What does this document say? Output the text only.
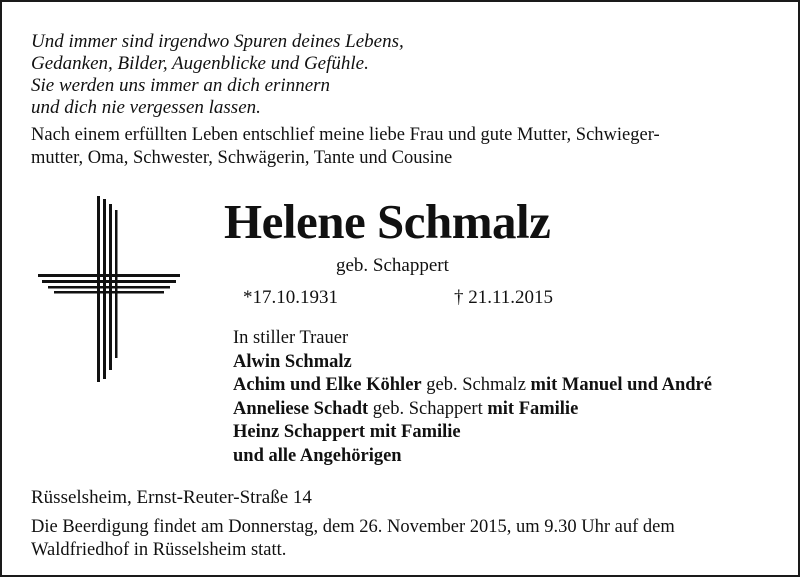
Und immer sind irgendwo Spuren deines Lebens,
Gedanken, Bilder, Augenblicke und Gefühle.
Sie werden uns immer an dich erinnern
und dich nie vergessen lassen.
Nach einem erfüllten Leben entschlief meine liebe Frau und gute Mutter, Schwieger-
mutter, Oma, Schwester, Schwägerin, Tante und Cousine
Helene Schmalz
geb. Schappert
*17.10.1931	† 21.11.2015
In stiller Trauer
Alwin Schmalz
Achim und Elke Köhler geb. Schmalz mit Manuel und André
Anneliese Schadt geb. Schappert mit Familie
Heinz Schappert mit Familie
und alle Angehörigen
Rüsselsheim, Ernst-Reuter-Straße 14
Die Beerdigung findet am Donnerstag, dem 26. November 2015, um 9.30 Uhr auf dem
Waldfriedhof in Rüsselsheim statt.
